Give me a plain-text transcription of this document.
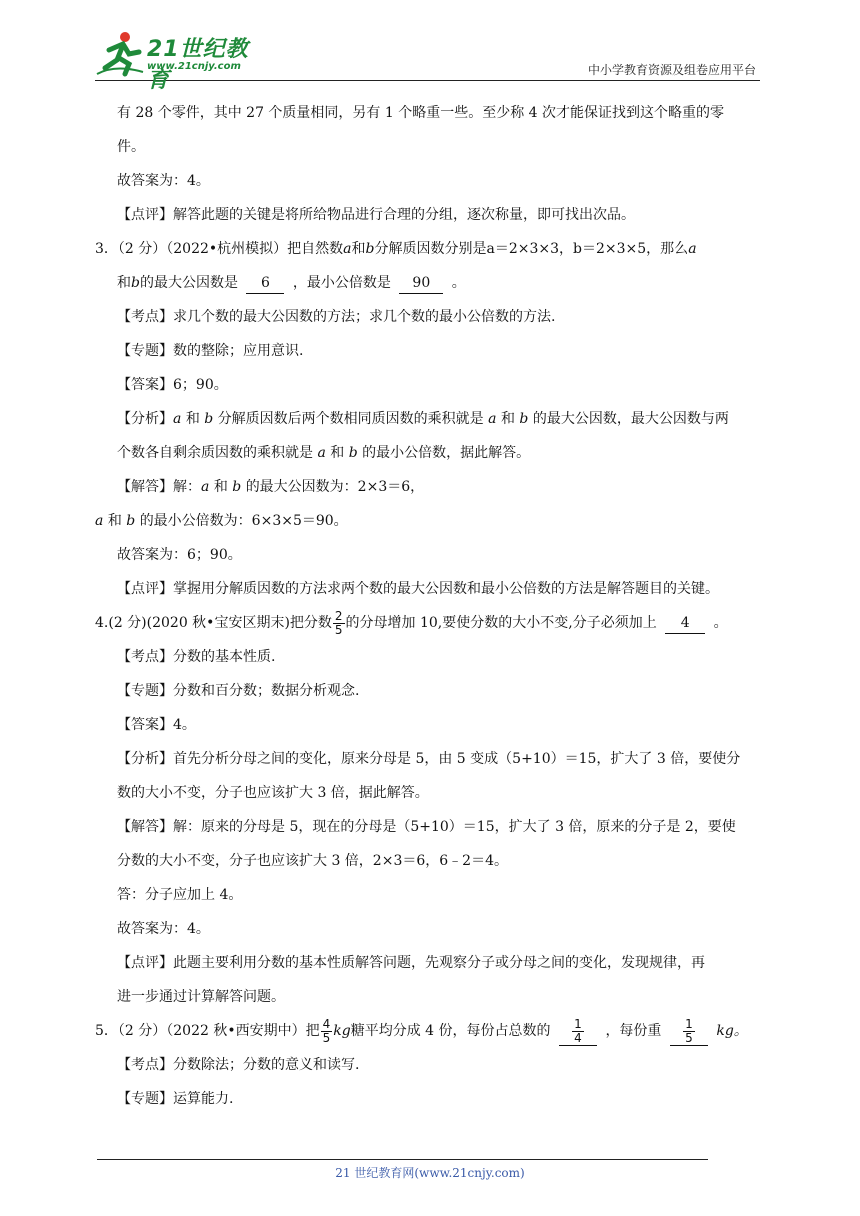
21世纪教育
www.21cnjy.com	中小学教育资源及组卷应用平台
有 28 个零件，其中 27 个质量相同，另有 1 个略重一些。至少称 4 次才能保证找到这个略重的零
件。
故答案为：4。
【点评】解答此题的关键是将所给物品进行合理的分组，逐次称量，即可找出次品。
3．（2 分）（2022•杭州模拟）把自然数a和b分解质因数分别是a＝2×3×3，b＝2×3×5，那么a
和b的最大公因数是 6 ，最小公倍数是 90 。
【考点】求几个数的最大公因数的方法；求几个数的最小公倍数的方法.
【专题】数的整除；应用意识.
【答案】6；90。
【分析】a 和 b 分解质因数后两个数相同质因数的乘积就是 a 和 b 的最大公因数，最大公因数与两
个数各自剩余质因数的乘积就是 a 和 b 的最小公倍数，据此解答。
【解答】解：a 和 b 的最大公因数为：2×3＝6，
a 和 b 的最小公倍数为：6×3×5＝90。
故答案为：6；90。
【点评】掌握用分解质因数的方法求两个数的最大公因数和最小公倍数的方法是解答题目的关键。
4.(2 分)(2020 秋•宝安区期末)把分数 $\frac{2}{5}$ 的分母增加 10,要使分数的大小不变,分子必须加上 4 。
【考点】分数的基本性质.
【专题】分数和百分数；数据分析观念.
【答案】4。
【分析】首先分析分母之间的变化，原来分母是 5，由 5 变成（5+10）＝15，扩大了 3 倍，要使分
数的大小不变，分子也应该扩大 3 倍，据此解答。
【解答】解：原来的分母是 5，现在的分母是（5+10）＝15，扩大了 3 倍，原来的分子是 2，要使
分数的大小不变，分子也应该扩大 3 倍，2×3＝6，6﹣2＝4。
答：分子应加上 4。
故答案为：4。
【点评】此题主要利用分数的基本性质解答问题，先观察分子或分母之间的变化，发现规律，再
进一步通过计算解答问题。
5．（2 分）（2022 秋•西安期中）把 $\frac{4}{5}$ kg糖平均分成 4 份，每份占总数的 $\frac{1}{4}$ ，每份重 $\frac{1}{5}$ kg。
【考点】分数除法；分数的意义和读写.
【专题】运算能力.
21 世纪教育网(www.21cnjy.com)
